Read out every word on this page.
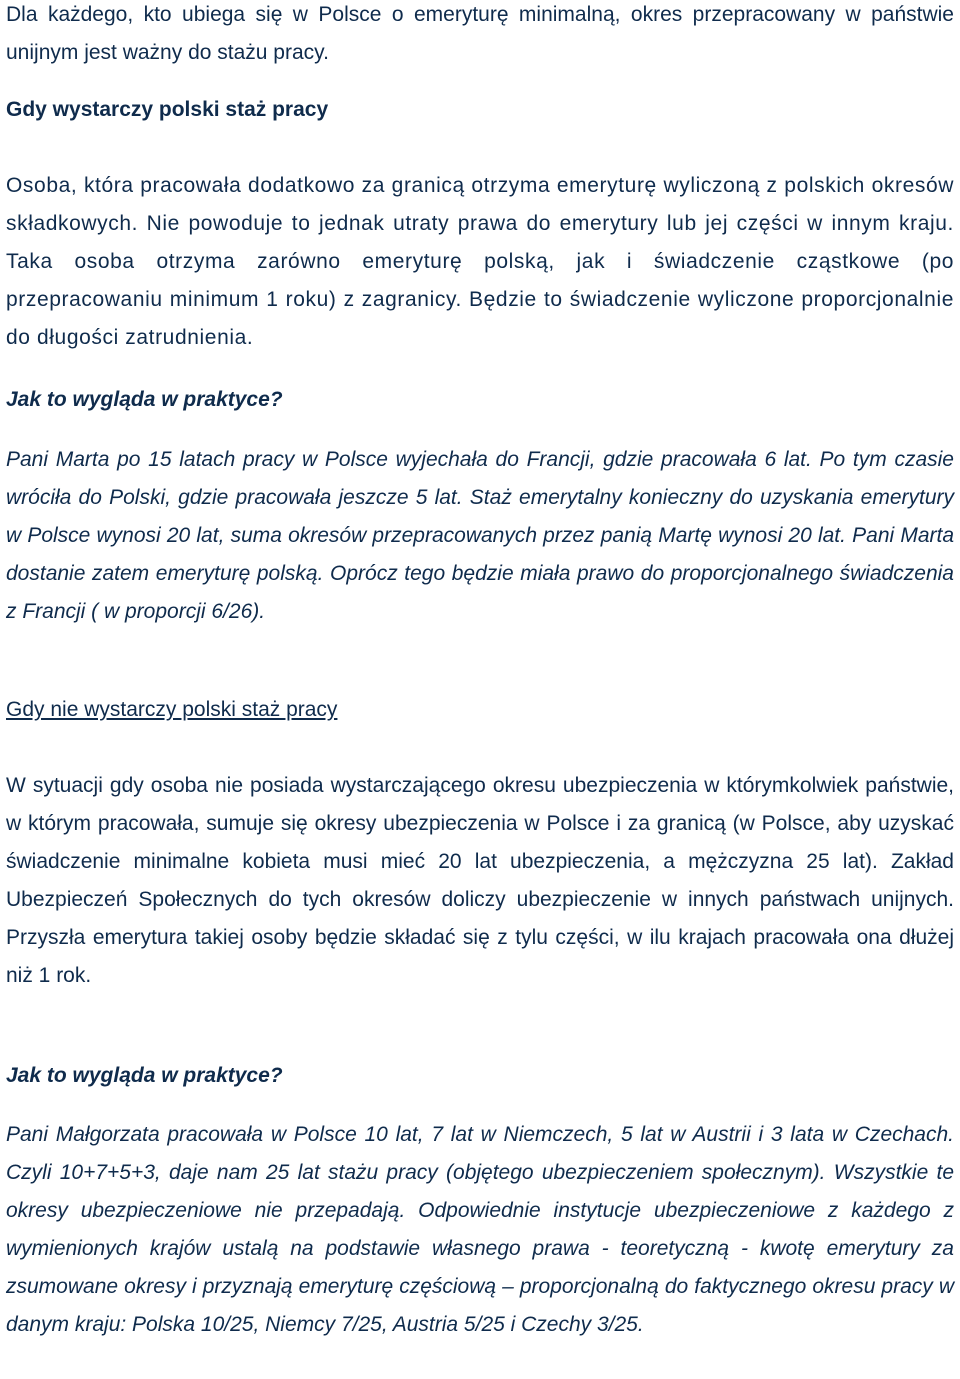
Dla każdego, kto ubiega się w Polsce o emeryturę minimalną, okres przepracowany w państwie unijnym jest ważny do stażu pracy.

Gdy wystarczy polski staż pracy

Osoba, która pracowała dodatkowo za granicą otrzyma emeryturę wyliczoną z polskich okresów składkowych. Nie powoduje to jednak utraty prawa do emerytury lub jej części w innym kraju. Taka osoba otrzyma zarówno emeryturę polską, jak i świadczenie cząstkowe (po przepracowaniu minimum 1 roku) z zagranicy. Będzie to świadczenie wyliczone proporcjonalnie do długości zatrudnienia.

Jak to wygląda w praktyce?

Pani Marta po 15 latach pracy w Polsce wyjechała do Francji, gdzie pracowała 6 lat. Po tym czasie wróciła do Polski, gdzie pracowała jeszcze 5 lat. Staż emerytalny konieczny do uzyskania emerytury w Polsce wynosi 20 lat, suma okresów przepracowanych przez panią Martę wynosi 20 lat. Pani Marta dostanie zatem emeryturę polską. Oprócz tego będzie miała prawo do proporcjonalnego świadczenia z Francji ( w proporcji 6/26).

Gdy nie wystarczy polski staż pracy

W sytuacji gdy osoba nie posiada wystarczającego okresu ubezpieczenia w którymkolwiek państwie, w którym pracowała, sumuje się okresy ubezpieczenia w Polsce i za granicą (w Polsce, aby uzyskać świadczenie minimalne kobieta musi mieć 20 lat ubezpieczenia, a mężczyzna 25 lat). Zakład Ubezpieczeń Społecznych do tych okresów doliczy ubezpieczenie w innych państwach unijnych. Przyszła emerytura takiej osoby będzie składać się z tylu części, w ilu krajach pracowała ona dłużej niż 1 rok.

Jak to wygląda w praktyce?

Pani Małgorzata pracowała w Polsce 10 lat, 7 lat w Niemczech, 5 lat w Austrii i 3 lata w Czechach. Czyli 10+7+5+3, daje nam 25 lat stażu pracy (objętego ubezpieczeniem społecznym). Wszystkie te okresy ubezpieczeniowe nie przepadają. Odpowiednie instytucje ubezpieczeniowe z każdego z wymienionych krajów ustalą na podstawie własnego prawa - teoretyczną - kwotę emerytury za zsumowane okresy i przyznają emeryturę częściową – proporcjonalną do faktycznego okresu pracy w danym kraju: Polska 10/25, Niemcy 7/25, Austria 5/25 i Czechy 3/25.
